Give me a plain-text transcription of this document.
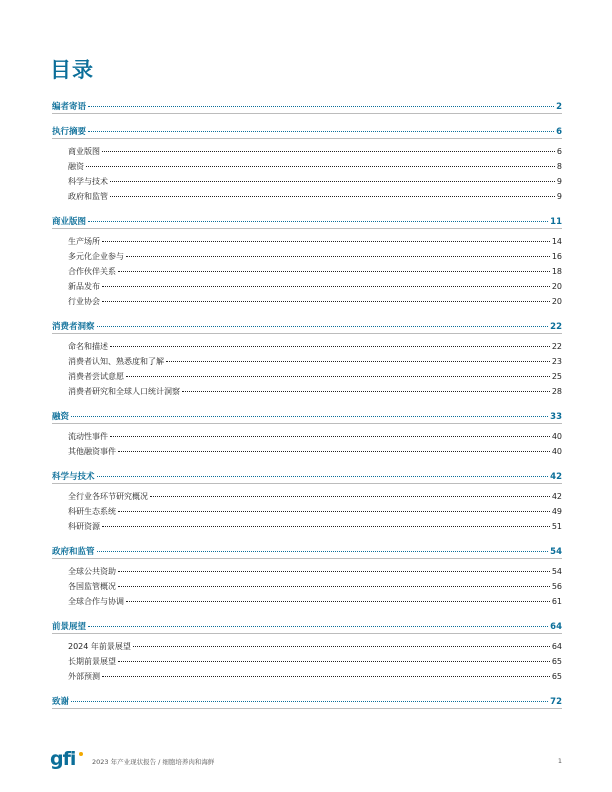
目录
编者寄语	2
执行摘要	6
商业版图	6
融资	8
科学与技术	9
政府和监管	9
商业版图	11
生产场所	14
多元化企业参与	16
合作伙伴关系	18
新品发布	20
行业协会	20
消费者洞察	22
命名和描述	22
消费者认知、熟悉度和了解	23
消费者尝试意愿	25
消费者研究和全球人口统计洞察	28
融资	33
流动性事件	40
其他融资事件	40
科学与技术	42
全行业各环节研究概况	42
科研生态系统	49
科研资源	51
政府和监管	54
全球公共资助	54
各国监管概况	56
全球合作与协调	61
前景展望	64
2024 年前景展望	64
长期前景展望	65
外部预测	65
致谢	72
gfi	2023 年产业现状报告 / 细胞培养肉和海鲜	1
